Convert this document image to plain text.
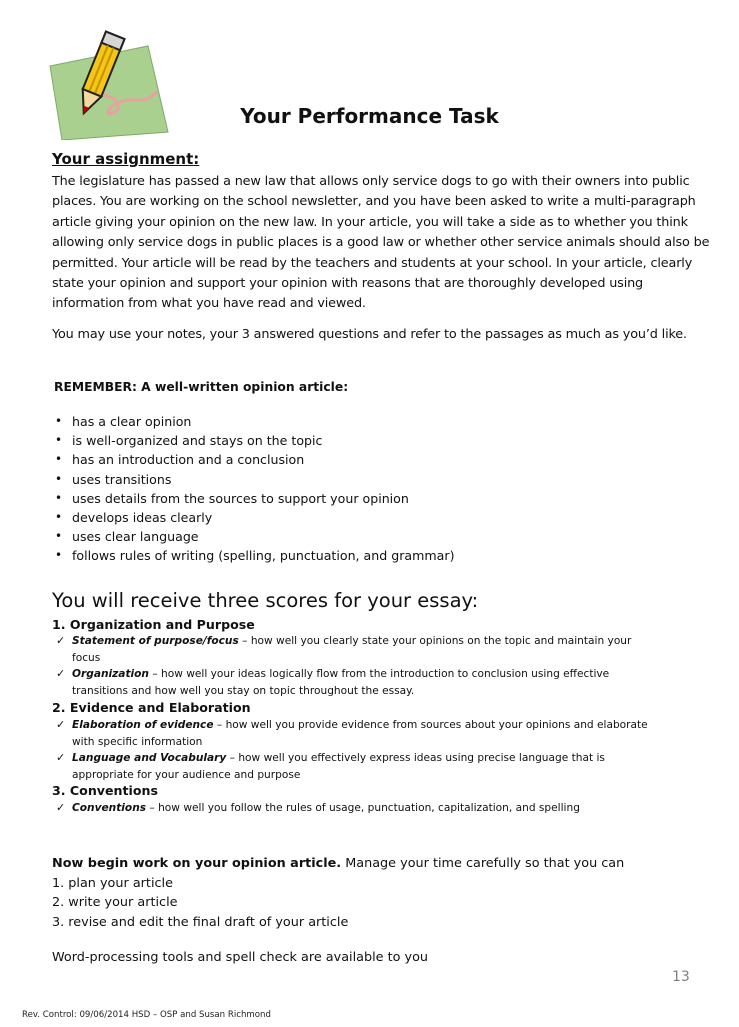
Your Performance Task
Your assignment:
The legislature has passed a new law that allows only service dogs to go with their owners into public places. You are working on the school newsletter, and you have been asked to write a multi-paragraph article giving your opinion on the new law. In your article, you will take a side as to whether you think allowing only service dogs in public places is a good law or whether other service animals should also be permitted. Your article will be read by the teachers and students at your school. In your article, clearly state your opinion and support your opinion with reasons that are thoroughly developed using information from what you have read and viewed.
You may use your notes, your 3 answered questions and refer to the passages as much as you’d like.
REMEMBER: A well-written opinion article:
• has a clear opinion
• is well-organized and stays on the topic
• has an introduction and a conclusion
• uses transitions
• uses details from the sources to support your opinion
• develops ideas clearly
• uses clear language
• follows rules of writing (spelling, punctuation, and grammar)
You will receive three scores for your essay:
1. Organization and Purpose
✓ Statement of purpose/focus – how well you clearly state your opinions on the topic and maintain your focus
✓ Organization – how well your ideas logically flow from the introduction to conclusion using effective transitions and how well you stay on topic throughout the essay.
2. Evidence and Elaboration
✓ Elaboration of evidence – how well you provide evidence from sources about your opinions and elaborate with specific information
✓ Language and Vocabulary – how well you effectively express ideas using precise language that is appropriate for your audience and purpose
3. Conventions
✓ Conventions – how well you follow the rules of usage, punctuation, capitalization, and spelling
Now begin work on your opinion article. Manage your time carefully so that you can
1. plan your article
2. write your article
3. revise and edit the final draft of your article
Word-processing tools and spell check are available to you
13
Rev. Control: 09/06/2014 HSD – OSP and Susan Richmond
